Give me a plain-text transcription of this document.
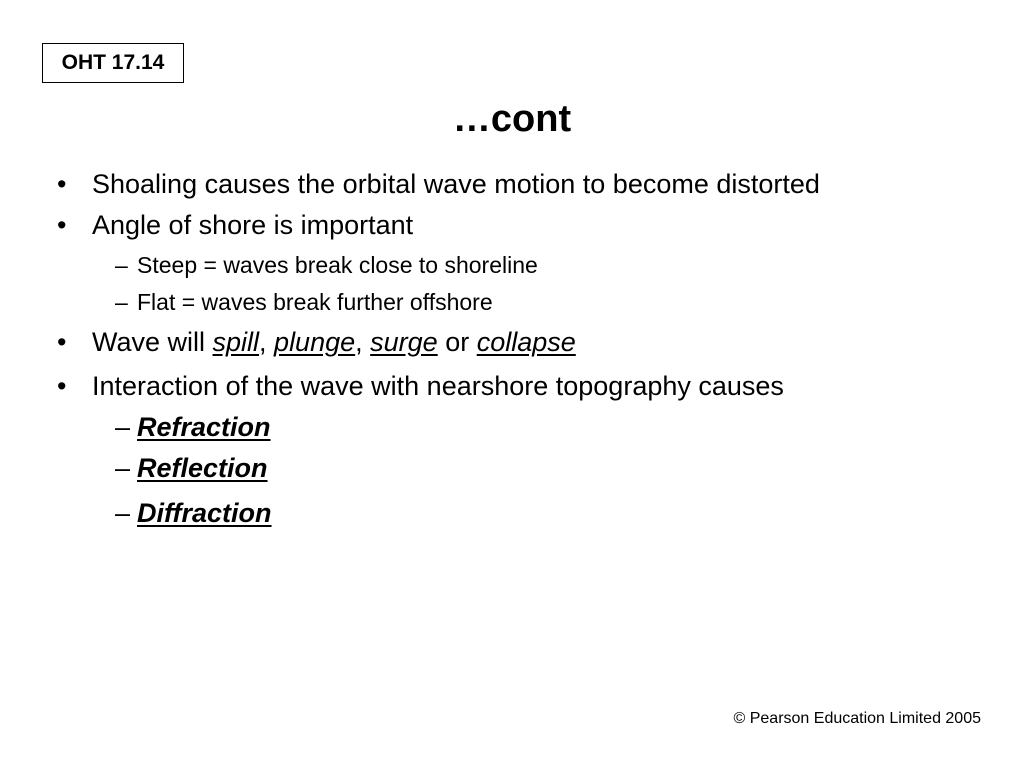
OHT 17.14
…cont
• Shoaling causes the orbital wave motion to become distorted
• Angle of shore is important
– Steep = waves break close to shoreline
– Flat = waves break further offshore
• Wave will spill, plunge, surge or collapse
• Interaction of the wave with nearshore topography causes
– Refraction
– Reflection
– Diffraction
© Pearson Education Limited 2005
